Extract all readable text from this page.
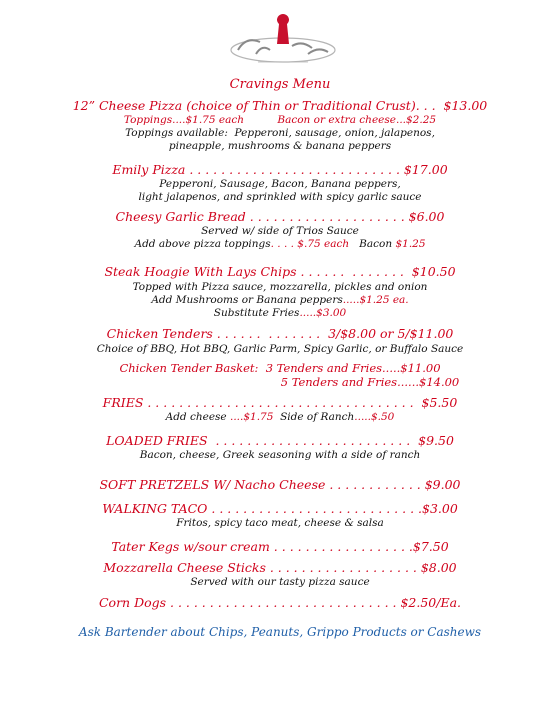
Cravings Menu
12” Cheese Pizza (choice of Thin or Traditional Crust). . .  $13.00
Toppings....$1.75 each	Bacon or extra cheese...$2.25
Toppings available:  Pepperoni, sausage, onion, jalapenos,
pineapple, mushrooms & banana peppers
Emily Pizza . . . . . . . . . . . . . . . . . . . . . . . . . . . $17.00
Pepperoni, Sausage, Bacon, Banana peppers,
light jalapenos, and sprinkled with spicy garlic sauce
Cheesy Garlic Bread . . . . . . . . . . . . . . . . . . . . $6.00
Served w/ side of Trios Sauce
Add above pizza toppings. . . . $.75 each Bacon $1.25
Steak Hoagie With Lays Chips . . . . . .  . . . . . . .  $10.50
Topped with Pizza sauce, mozzarella, pickles and onion
Add Mushrooms or Banana peppers.....$1.25 ea.
Substitute Fries.....$3.00
Chicken Tenders . . . . . .  . . . . . . .  3/$8.00 or 5/$11.00
Choice of BBQ, Hot BBQ, Garlic Parm, Spicy Garlic, or Buffalo Sauce
Chicken Tender Basket:  3 Tenders and Fries.....$11.00
5 Tenders and Fries......$14.00
FRIES . . . . . . . . . . . . . . . . . . . . . . . . . . . . . . . . . .  $5.50
Add cheese ....$1.75 Side of Ranch.....$.50
LOADED FRIES  . . . . . . . . . . . . . . . . . . . . . . . . .  $9.50
Bacon, cheese, Greek seasoning with a side of ranch
SOFT PRETZELS W/ Nacho Cheese . . . . . . . . . . . . $9.00
WALKING TACO . . . . . . . . . . . . . . . . . . . . . . . . . . .$3.00
Fritos, spicy taco meat, cheese & salsa
Tater Kegs w/sour cream . . . . . . . . . . . . . . . . . .$7.50
Mozzarella Cheese Sticks . . . . . . . . . . . . . . . . . . . $8.00
Served with our tasty pizza sauce
Corn Dogs . . . . . . . . . . . . . . . . . . . . . . . . . . . . . $2.50/Ea.
Ask Bartender about Chips, Peanuts, Grippo Products or Cashews
